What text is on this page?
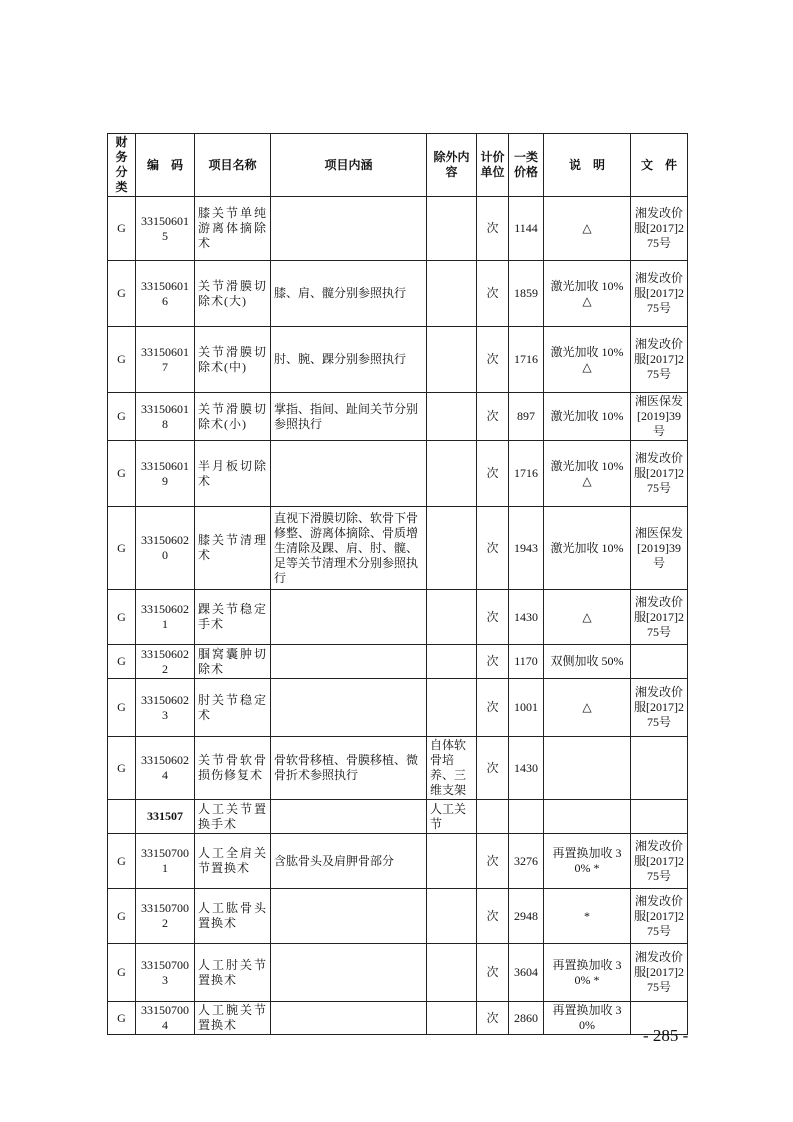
财务分类	编　码	项目名称	项目内涵	除外内容	计价单位	一类价格	说　明	文　件
G	331506015	膝关节单纯游离体摘除术			次	1144	△	湘发改价服[2017]275号
G	331506016	关节滑膜切除术(大)	膝、肩、髋分别参照执行		次	1859	激光加收 10% △	湘发改价服[2017]275号
G	331506017	关节滑膜切除术(中)	肘、腕、踝分别参照执行		次	1716	激光加收 10% △	湘发改价服[2017]275号
G	331506018	关节滑膜切除术(小)	掌指、指间、趾间关节分别参照执行		次	897	激光加收 10%	湘医保发[2019]39号
G	331506019	半月板切除术			次	1716	激光加收 10% △	湘发改价服[2017]275号
G	331506020	膝关节清理术	直视下滑膜切除、软骨下骨修整、游离体摘除、骨质增生清除及踝、肩、肘、髋、足等关节清理术分别参照执行		次	1943	激光加收 10%	湘医保发[2019]39号
G	331506021	踝关节稳定手术			次	1430	△	湘发改价服[2017]275号
G	331506022	腘窝囊肿切除术			次	1170	双侧加收 50%	
G	331506023	肘关节稳定术			次	1001	△	湘发改价服[2017]275号
G	331506024	关节骨软骨损伤修复术	骨软骨移植、骨膜移植、微骨折术参照执行	自体软骨培养、三维支架	次	1430		
	331507	人工关节置换手术		人工关节				
G	331507001	人工全肩关节置换术	含肱骨头及肩胛骨部分		次	3276	再置换加收 30% *	湘发改价服[2017]275号
G	331507002	人工肱骨头置换术			次	2948	*	湘发改价服[2017]275号
G	331507003	人工肘关节置换术			次	3604	再置换加收 30% *	湘发改价服[2017]275号
G	331507004	人工腕关节置换术			次	2860	再置换加收 30%	
- 285 -
